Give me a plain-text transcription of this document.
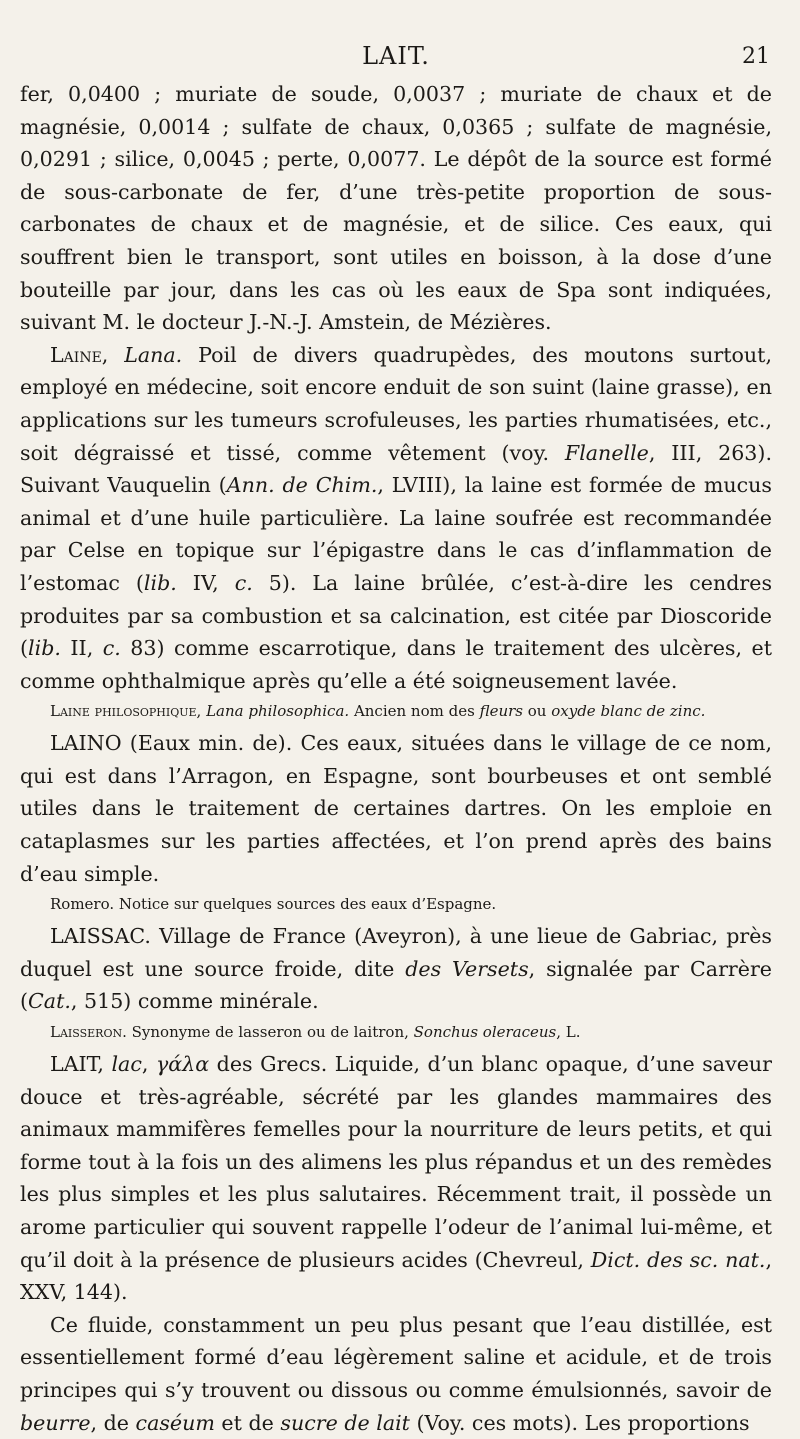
LAIT.	21

fer, 0,0400 ; muriate de soude, 0,0037 ; muriate de chaux et de magnésie, 0,0014 ; sulfate de chaux, 0,0365 ; sulfate de magnésie, 0,0291 ; silice, 0,0045 ; perte, 0,0077. Le dépôt de la source est formé de sous-carbonate de fer, d’une très-petite proportion de sous-carbonates de chaux et de magnésie, et de silice. Ces eaux, qui souffrent bien le transport, sont utiles en boisson, à la dose d’une bouteille par jour, dans les cas où les eaux de Spa sont indiquées, suivant M. le docteur J.-N.-J. Amstein, de Mézières.

Laine, Lana. Poil de divers quadrupèdes, des moutons surtout, employé en médecine, soit encore enduit de son suint (laine grasse), en applications sur les tumeurs scrofuleuses, les parties rhumatisées, etc., soit dégraissé et tissé, comme vêtement (voy. Flanelle, III, 263). Suivant Vauquelin (Ann. de Chim., LVIII), la laine est formée de mucus animal et d’une huile particulière. La laine soufrée est recommandée par Celse en topique sur l’épigastre dans le cas d’inflammation de l’estomac (lib. IV, c. 5). La laine brûlée, c’est-à-dire les cendres produites par sa combustion et sa calcination, est citée par Dioscoride (lib. II, c. 83) comme escarrotique, dans le traitement des ulcères, et comme ophthalmique après qu’elle a été soigneusement lavée.

Laine philosophique, Lana philosophica. Ancien nom des fleurs ou oxyde blanc de zinc.

LAINO (Eaux min. de). Ces eaux, situées dans le village de ce nom, qui est dans l’Arragon, en Espagne, sont bourbeuses et ont semblé utiles dans le traitement de certaines dartres. On les emploie en cataplasmes sur les parties affectées, et l’on prend après des bains d’eau simple.

Romero. Notice sur quelques sources des eaux d’Espagne.

LAISSAC. Village de France (Aveyron), à une lieue de Gabriac, près duquel est une source froide, dite des Versets, signalée par Carrère (Cat., 515) comme minérale.

Laisseron. Synonyme de lasseron ou de laitron, Sonchus oleraceus, L.

LAIT, lac, γάλα des Grecs. Liquide, d’un blanc opaque, d’une saveur douce et très-agréable, sécrété par les glandes mammaires des animaux mammifères femelles pour la nourriture de leurs petits, et qui forme tout à la fois un des alimens les plus répandus et un des remèdes les plus simples et les plus salutaires. Récemment trait, il possède un arome particulier qui souvent rappelle l’odeur de l’animal lui-même, et qu’il doit à la présence de plusieurs acides (Chevreul, Dict. des sc. nat., XXV, 144).

Ce fluide, constamment un peu plus pesant que l’eau distillée, est essentiellement formé d’eau légèrement saline et acidule, et de trois principes qui s’y trouvent ou dissous ou comme émulsionnés, savoir de beurre, de caséum et de sucre de lait (Voy. ces mots). Les proportions
